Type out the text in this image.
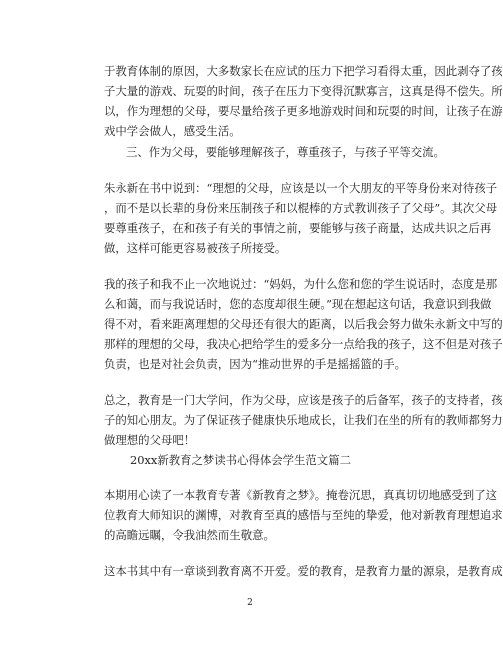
于教育体制的原因，大多数家长在应试的压力下把学习看得太重，因此剥夺了孩
子大量的游戏、玩耍的时间，孩子在压力下变得沉默寡言，这真是得不偿失。所
以，作为理想的父母，要尽量给孩子更多地游戏时间和玩耍的时间，让孩子在游
戏中学会做人，感受生活。
三、作为父母，要能够理解孩子，尊重孩子，与孩子平等交流。
朱永新在书中说到：“理想的父母，应该是以一个大朋友的平等身份来对待孩子
，而不是以长辈的身份来压制孩子和以棍棒的方式教训孩子了父母”。其次父母
要尊重孩子，在和孩子有关的事情之前，要能够与孩子商量，达成共识之后再
做，这样可能更容易被孩子所接受。
我的孩子和我不止一次地说过：“妈妈，为什么您和您的学生说话时，态度是那
么和蔼，而与我说话时，您的态度却很生硬。”现在想起这句话，我意识到我做
得不对，看来距离理想的父母还有很大的距离，以后我会努力做朱永新文中写的
那样的理想的父母，我决心把给学生的爱多分一点给我的孩子，这不但是对孩子
负责，也是对社会负责，因为“推动世界的手是摇摇篮的手。
总之，教育是一门大学问，作为父母，应该是孩子的后备军，孩子的支持者，孩
子的知心朋友。为了保证孩子健康快乐地成长，让我们在坐的所有的教师都努力
做理想的父母吧！
20xx新教育之梦读书心得体会学生范文篇二
本期用心读了一本教育专著《新教育之梦》。掩卷沉思，真真切切地感受到了这
位教育大师知识的渊博，对教育至真的感悟与至纯的挚爱，他对新教育理想追求
的高瞻远瞩，令我油然而生敬意。
这本书其中有一章谈到教育离不开爱。爱的教育，是教育力量的源泉，是教育成
2
